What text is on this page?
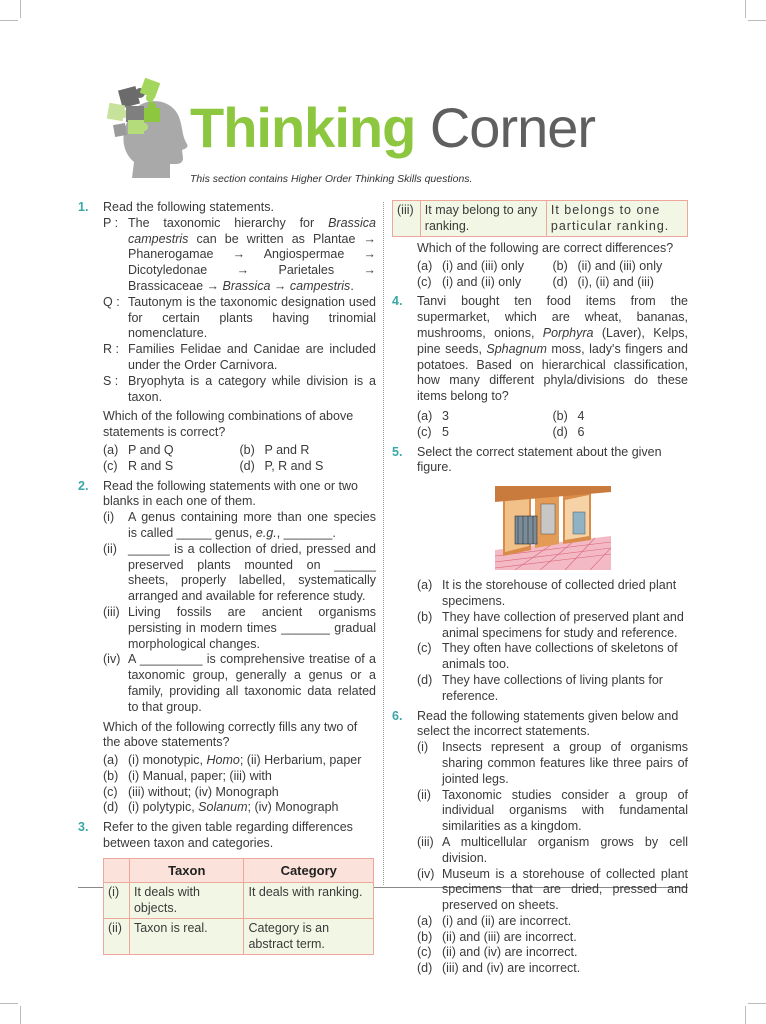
Thinking Corner
This section contains Higher Order Thinking Skills questions.
1. Read the following statements.
P : The taxonomic hierarchy for Brassica campestris can be written as Plantae → Phanerogamae → Angiospermae → Dicotyledonae → Parietales → Brassicaceae → Brassica → campestris.
Q : Tautonym is the taxonomic designation used for certain plants having trinomial nomenclature.
R : Families Felidae and Canidae are included under the Order Carnivora.
S : Bryophyta is a category while division is a taxon.
Which of the following combinations of above statements is correct?
(a) P and Q	(b) P and R
(c) R and S	(d) P, R and S
2. Read the following statements with one or two blanks in each one of them.
(i)	A genus containing more than one species is called _____ genus, e.g., _______.
(ii) ______ is a collection of dried, pressed and preserved plants mounted on ______ sheets, properly labelled, systematically arranged and available for reference study.
(iii) Living fossils are ancient organisms persisting in modern times _______ gradual morphological changes.
(iv) A _________ is comprehensive treatise of a taxonomic group, generally a genus or a family, providing all taxonomic data related to that group.
Which of the following correctly fills any two of the above statements?
(a) (i) monotypic, Homo; (ii) Herbarium, paper
(b) (i) Manual, paper; (iii) with
(c) (iii) without; (iv) Monograph
(d) (i) polytypic, Solanum; (iv) Monograph
3. Refer to the given table regarding differences between taxon and categories.
	Taxon	Category
(i)	It deals with objects.	It deals with ranking.
(ii)	Taxon is real.	Category is an abstract term.
(iii)	It may belong to any ranking.	It belongs to one particular ranking.
Which of the following are correct differences?
(a) (i) and (iii) only (b) (ii) and (iii) only
(c) (i) and (ii) only	(d) (i), (ii) and (iii)
4. Tanvi bought ten food items from the supermarket, which are wheat, bananas, mushrooms, onions, Porphyra (Laver), Kelps, pine seeds, Sphagnum moss, lady's fingers and potatoes. Based on hierarchical classification, how many different phyla/divisions do these items belong to?
(a) 3	(b) 4
(c) 5	(d) 6
5. Select the correct statement about the given figure.
(a) It is the storehouse of collected dried plant specimens.
(b) They have collection of preserved plant and animal specimens for study and reference.
(c) They often have collections of skeletons of animals too.
(d) They have collections of living plants for reference.
6. Read the following statements given below and select the incorrect statements.
(i)	Insects represent a group of organisms sharing common features like three pairs of jointed legs.
(ii) Taxonomic studies consider a group of individual organisms with fundamental similarities as a kingdom.
(iii) A multicellular organism grows by cell division.
(iv) Museum is a storehouse of collected plant specimens that are dried, pressed and preserved on sheets.
(a) (i) and (ii) are incorrect.
(b) (ii) and (iii) are incorrect.
(c) (ii) and (iv) are incorrect.
(d) (iii) and (iv) are incorrect.
